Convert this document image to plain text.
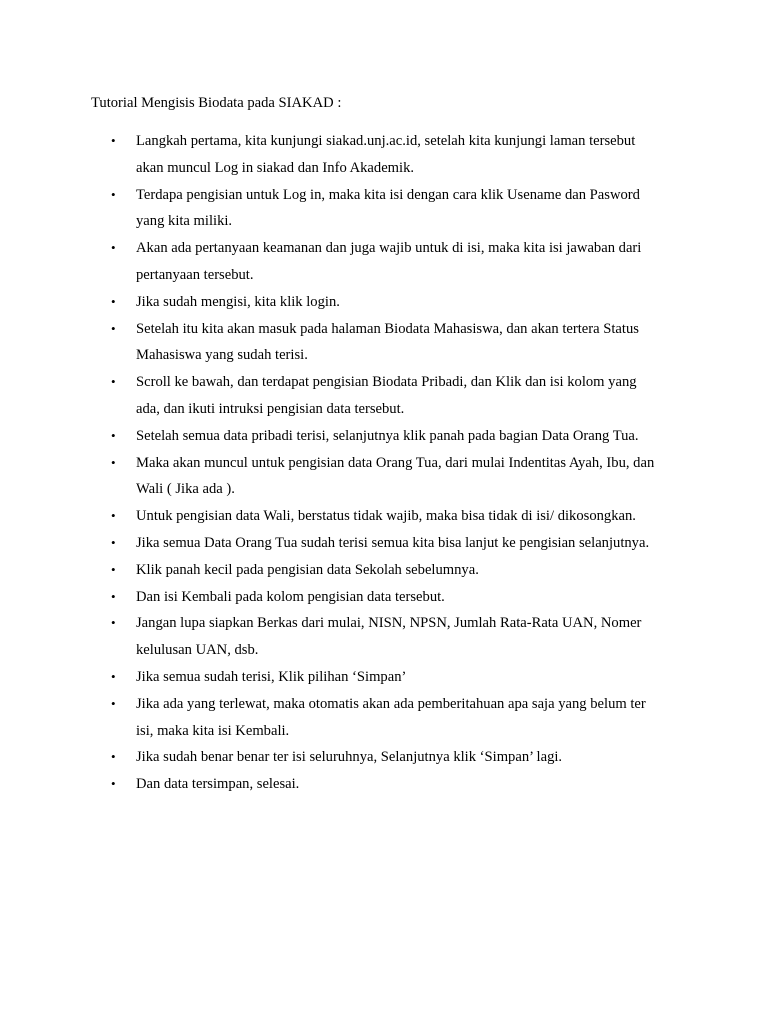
Tutorial Mengisis Biodata pada SIAKAD :
• Langkah pertama, kita kunjungi siakad.unj.ac.id, setelah kita kunjungi laman tersebut
akan muncul Log in siakad dan Info Akademik.
• Terdapa pengisian untuk Log in, maka kita isi dengan cara klik Usename dan Pasword
yang kita miliki.
• Akan ada pertanyaan keamanan dan juga wajib untuk di isi, maka kita isi jawaban dari
pertanyaan tersebut.
• Jika sudah mengisi, kita klik login.
• Setelah itu kita akan masuk pada halaman Biodata Mahasiswa, dan akan tertera Status
Mahasiswa yang sudah terisi.
• Scroll ke bawah, dan terdapat pengisian Biodata Pribadi, dan Klik dan isi kolom yang
ada, dan ikuti intruksi pengisian data tersebut.
• Setelah semua data pribadi terisi, selanjutnya klik panah pada bagian Data Orang Tua.
• Maka akan muncul untuk pengisian data Orang Tua, dari mulai Indentitas Ayah, Ibu, dan
Wali ( Jika ada ).
• Untuk pengisian data Wali, berstatus tidak wajib, maka bisa tidak di isi/ dikosongkan.
• Jika semua Data Orang Tua sudah terisi semua kita bisa lanjut ke pengisian selanjutnya.
• Klik panah kecil pada pengisian data Sekolah sebelumnya.
• Dan isi Kembali pada kolom pengisian data tersebut.
• Jangan lupa siapkan Berkas dari mulai, NISN, NPSN, Jumlah Rata-Rata UAN, Nomer
kelulusan UAN, dsb.
• Jika semua sudah terisi, Klik pilihan ‘Simpan’
• Jika ada yang terlewat, maka otomatis akan ada pemberitahuan apa saja yang belum ter
isi, maka kita isi Kembali.
• Jika sudah benar benar ter isi seluruhnya, Selanjutnya klik ‘Simpan’ lagi.
• Dan data tersimpan, selesai.
